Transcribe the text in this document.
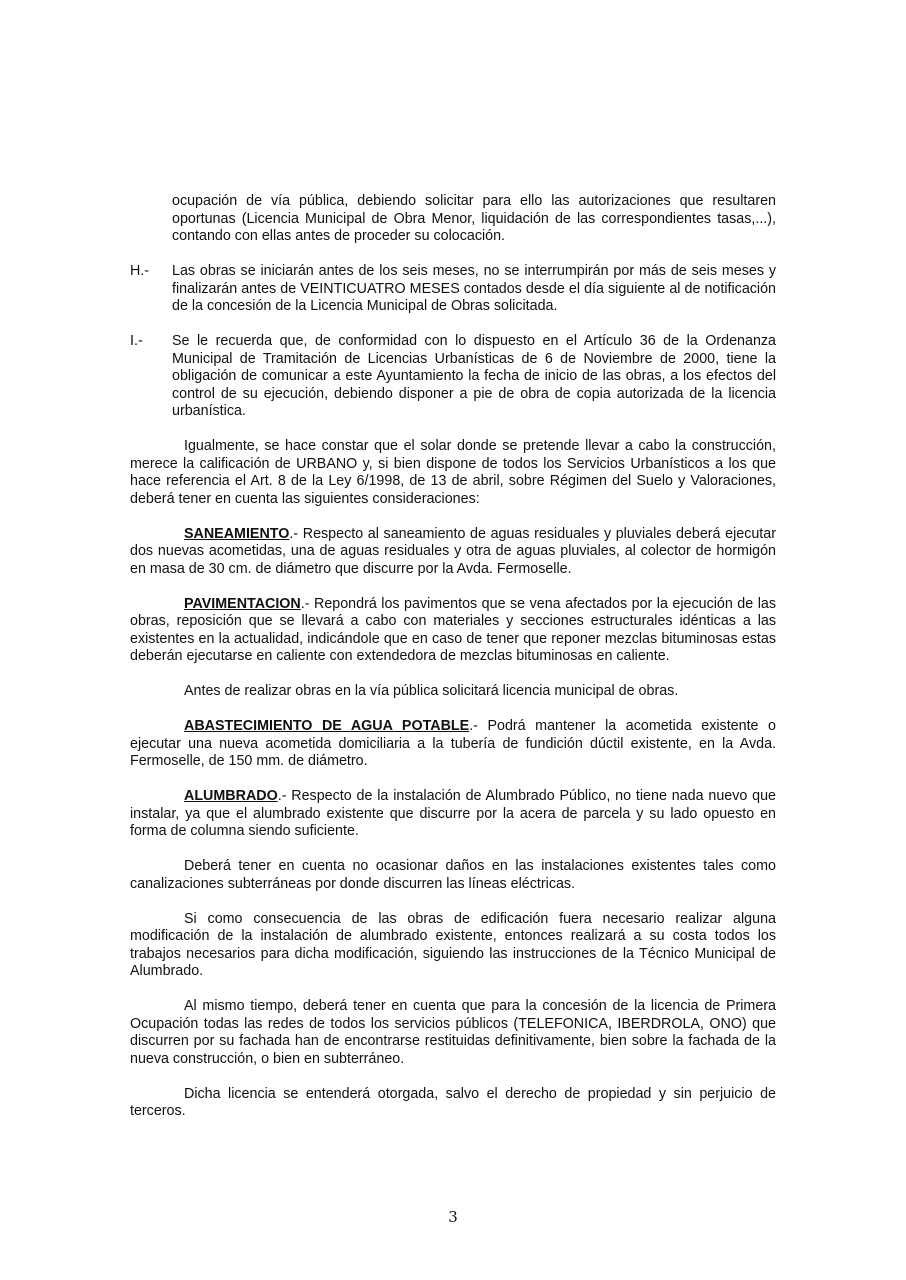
ocupación de vía pública, debiendo solicitar para ello las autorizaciones que resultaren oportunas (Licencia Municipal de Obra Menor, liquidación de las correspondientes tasas,...), contando con ellas antes de proceder su colocación.

H.- Las obras se iniciarán antes de los seis meses, no se interrumpirán por más de seis meses y finalizarán antes de VEINTICUATRO MESES contados desde el día siguiente al de notificación de la concesión de la Licencia Municipal de Obras solicitada.

I.- Se le recuerda que, de conformidad con lo dispuesto en el Artículo 36 de la Ordenanza Municipal de Tramitación de Licencias Urbanísticas de 6 de Noviembre de 2000, tiene la obligación de comunicar a este Ayuntamiento la fecha de inicio de las obras, a los efectos del control de su ejecución, debiendo disponer a pie de obra de copia autorizada de la licencia urbanística.

Igualmente, se hace constar que el solar donde se pretende llevar a cabo la construcción, merece la calificación de URBANO y, si bien dispone de todos los Servicios Urbanísticos a los que hace referencia el Art. 8 de la Ley 6/1998, de 13 de abril, sobre Régimen del Suelo y Valoraciones, deberá tener en cuenta las siguientes consideraciones:

SANEAMIENTO.- Respecto al saneamiento de aguas residuales y pluviales deberá ejecutar dos nuevas acometidas, una de aguas residuales y otra de aguas pluviales, al colector de hormigón en masa de 30 cm. de diámetro que discurre por la Avda. Fermoselle.

PAVIMENTACION.- Repondrá los pavimentos que se vena afectados por la ejecución de las obras, reposición que se llevará a cabo con materiales y secciones estructurales idénticas a las existentes en la actualidad, indicándole que en caso de tener que reponer mezclas bituminosas estas deberán ejecutarse en caliente con extendedora de mezclas bituminosas en caliente.

Antes de realizar obras en la vía pública solicitará licencia municipal de obras.

ABASTECIMIENTO DE AGUA POTABLE.- Podrá mantener la acometida existente o ejecutar una nueva acometida domiciliaria a la tubería de fundición dúctil existente, en la Avda. Fermoselle, de 150 mm. de diámetro.

ALUMBRADO.- Respecto de la instalación de Alumbrado Público, no tiene nada nuevo que instalar, ya que el alumbrado existente que discurre por la acera de parcela y su lado opuesto en forma de columna siendo suficiente.

Deberá tener en cuenta no ocasionar daños en las instalaciones existentes tales como canalizaciones subterráneas por donde discurren las líneas eléctricas.

Si como consecuencia de las obras de edificación fuera necesario realizar alguna modificación de la instalación de alumbrado existente, entonces realizará a su costa todos los trabajos necesarios para dicha modificación, siguiendo las instrucciones de la Técnico Municipal de Alumbrado.

Al mismo tiempo, deberá tener en cuenta que para la concesión de la licencia de Primera Ocupación todas las redes de todos los servicios públicos (TELEFONICA, IBERDROLA, ONO) que discurren por su fachada han de encontrarse restituidas definitivamente, bien sobre la fachada de la nueva construcción, o bien en subterráneo.

Dicha licencia se entenderá otorgada, salvo el derecho de propiedad y sin perjuicio de terceros.

3
